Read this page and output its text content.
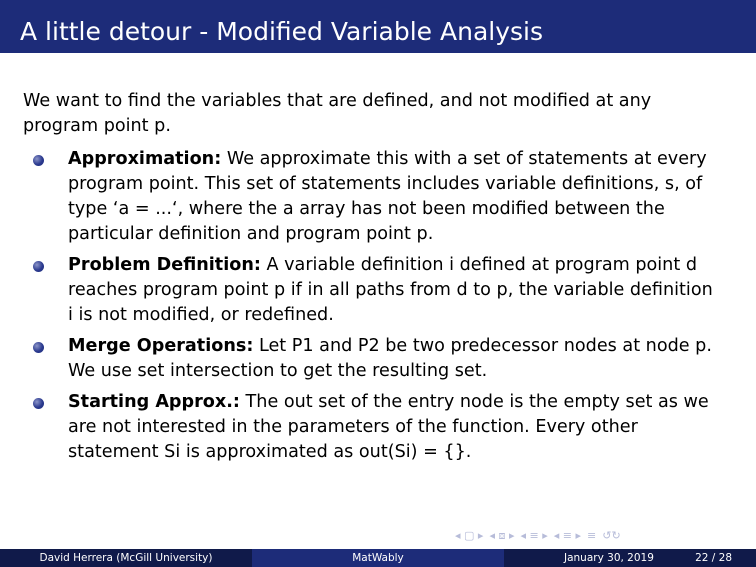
A little detour - Modified Variable Analysis

We want to find the variables that are defined, and not modified at any program point p.

Approximation: We approximate this with a set of statements at every program point. This set of statements includes variable definitions, s, of type ‘a = ...‘, where the a array has not been modified between the particular definition and program point p.
Problem Definition: A variable definition i defined at program point d reaches program point p if in all paths from d to p, the variable definition i is not modified, or redefined.
Merge Operations: Let P1 and P2 be two predecessor nodes at node p. We use set intersection to get the resulting set.
Starting Approx.: The out set of the entry node is the empty set as we are not interested in the parameters of the function. Every other statement Si is approximated as out(Si) = {}.
◂ ▢ ▸ ◂ ⧈ ▸ ◂ ≡ ▸ ◂ ≡ ▸ ≡ ↺↻
David Herrera (McGill University)	MatWably	January 30, 2019	22 / 28
